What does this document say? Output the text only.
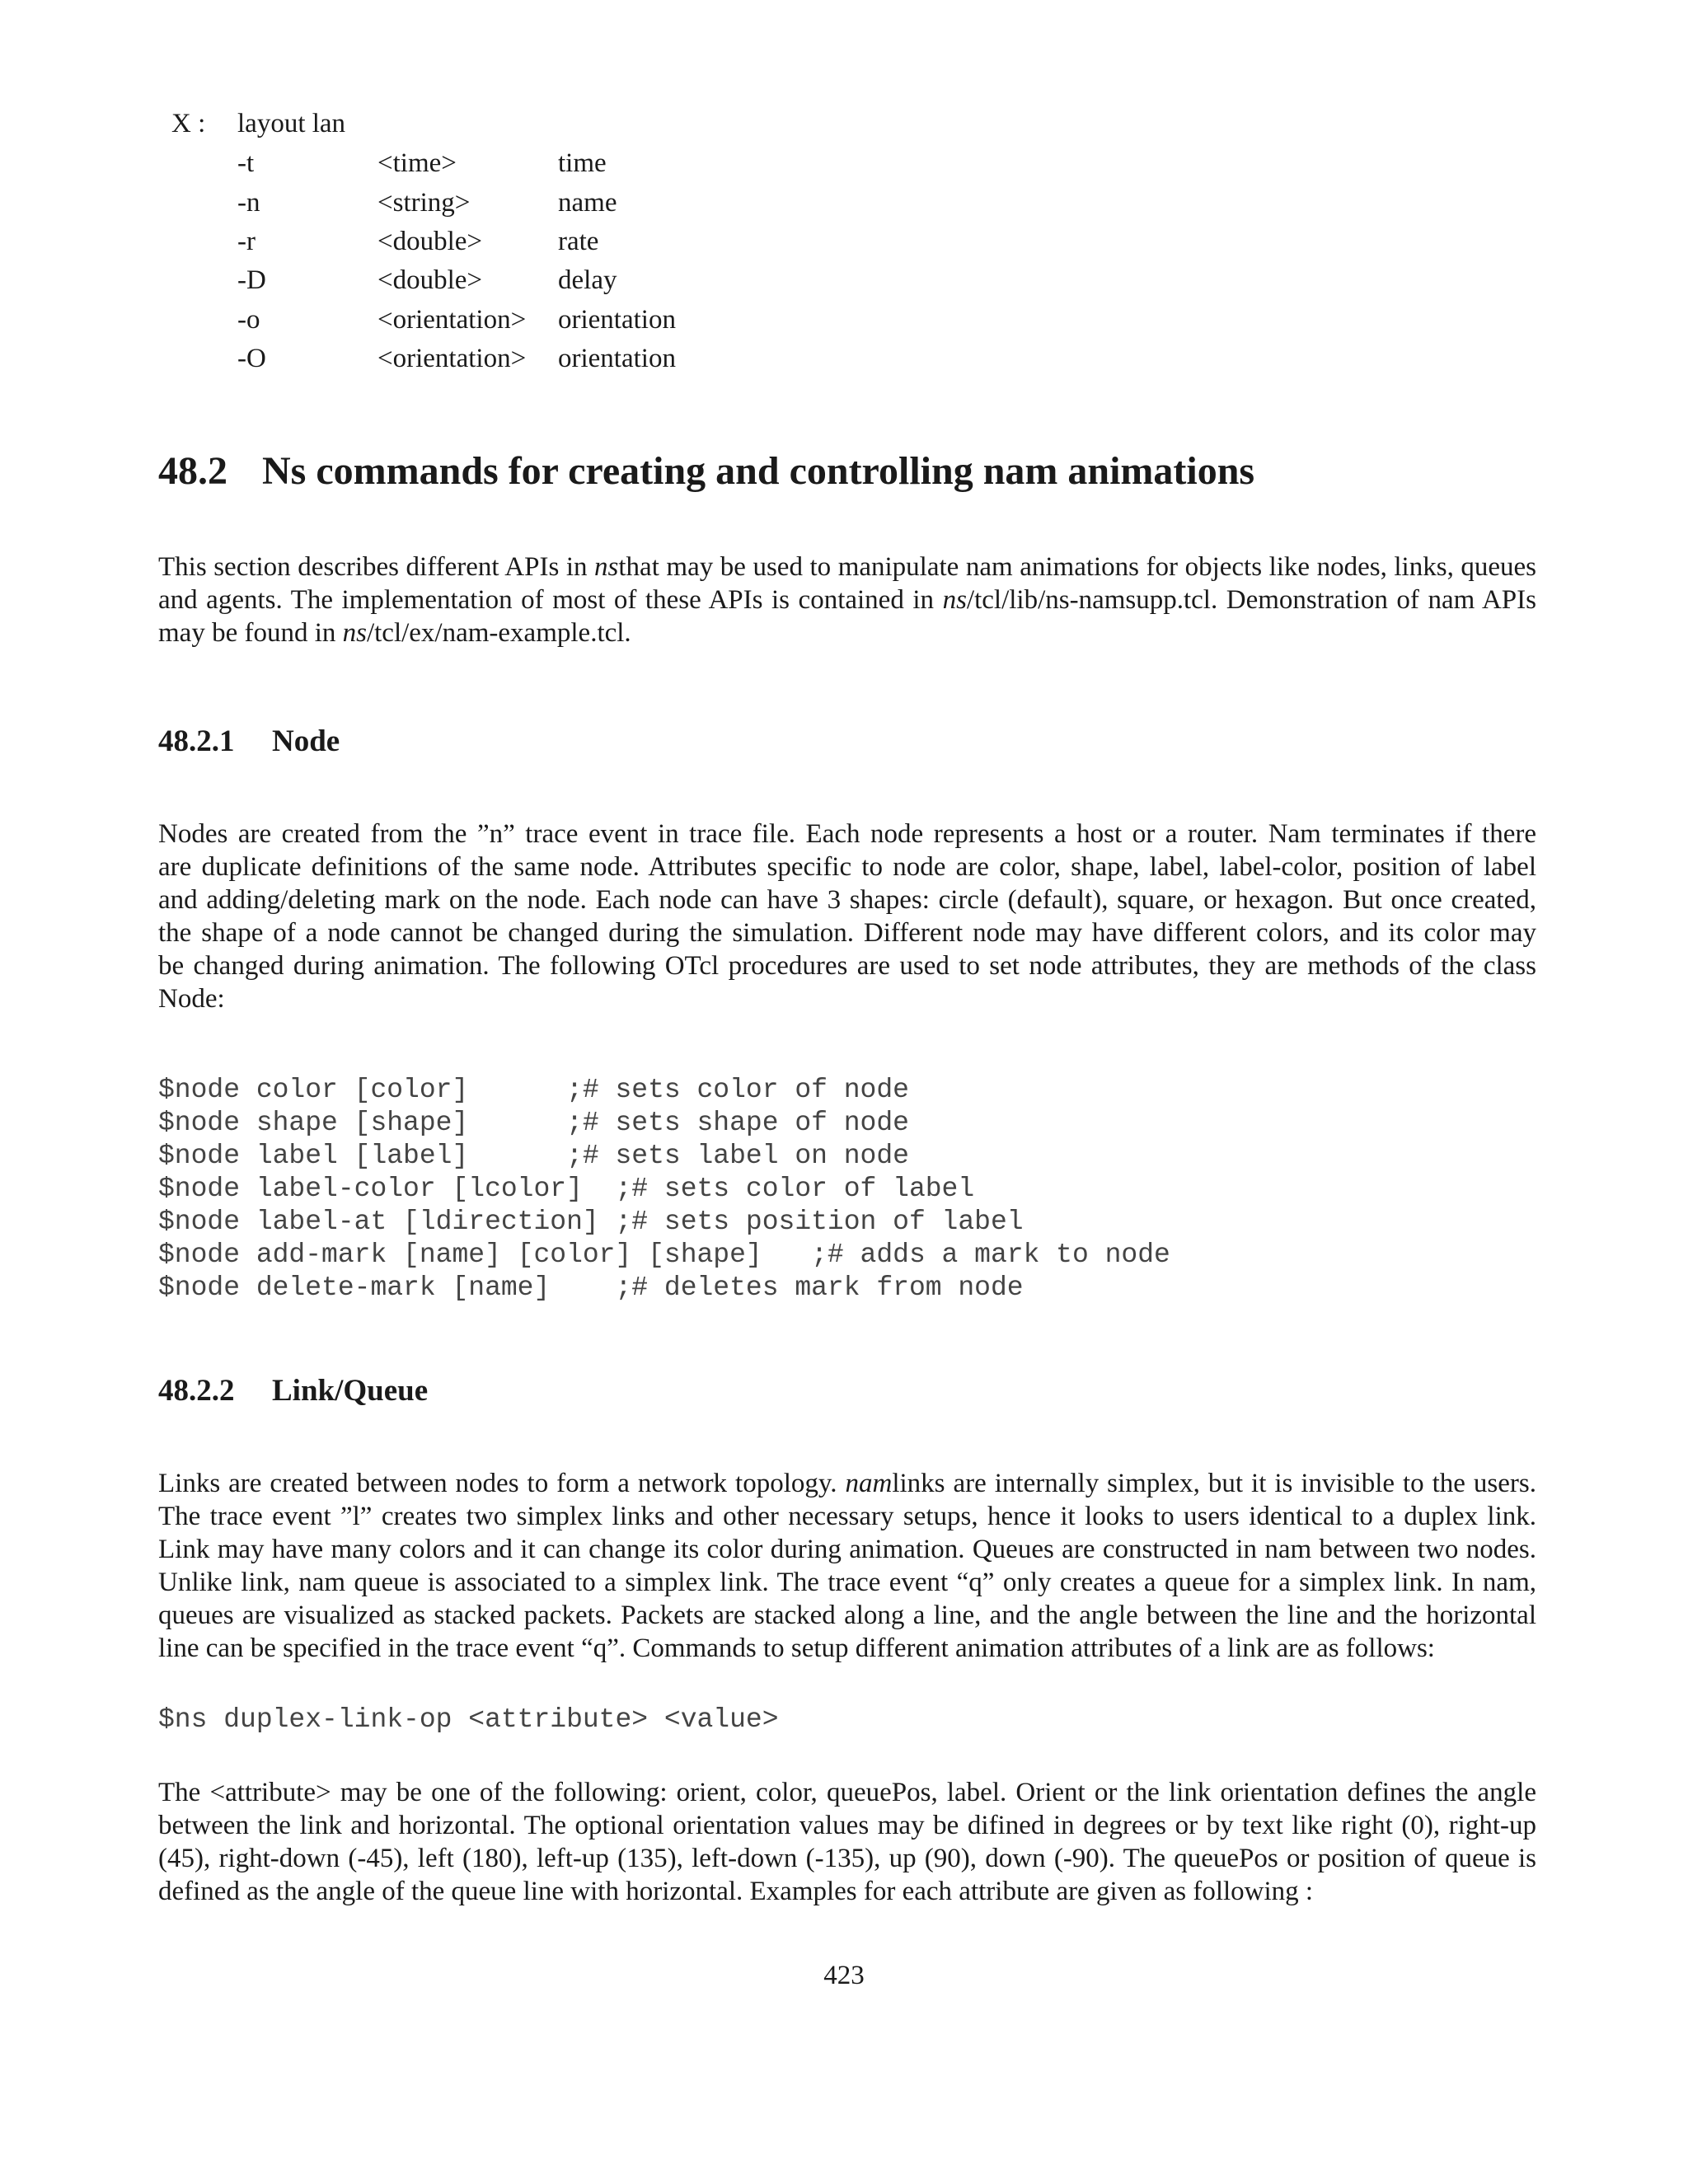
X : layout lan
-t	<time>	time
-n	<string>	name
-r	<double>	rate
-D	<double>	delay
-o	<orientation> orientation
-O	<orientation> orientation
48.2 Ns commands for creating and controlling nam animations
This section describes different APIs in nsthat may be used to manipulate nam animations for objects like nodes, links, queues
and agents. The implementation of most of these APIs is contained in ns/tcl/lib/ns-namsupp.tcl. Demonstration of nam APIs
may be found in ns/tcl/ex/nam-example.tcl.
48.2.1 Node
Nodes are created from the ”n” trace event in trace file. Each node represents a host or a router. Nam terminates if there
are duplicate definitions of the same node. Attributes specific to node are color, shape, label, label-color, position of label
and adding/deleting mark on the node. Each node can have 3 shapes: circle (default), square, or hexagon. But once created,
the shape of a node cannot be changed during the simulation. Different node may have different colors, and its color may
be changed during animation. The following OTcl procedures are used to set node attributes, they are methods of the class
Node:
$node color [color]      ;# sets color of node
$node shape [shape]      ;# sets shape of node
$node label [label]      ;# sets label on node
$node label-color [lcolor]  ;# sets color of label
$node label-at [ldirection] ;# sets position of label
$node add-mark [name] [color] [shape]   ;# adds a mark to node
$node delete-mark [name]    ;# deletes mark from node
48.2.2 Link/Queue
Links are created between nodes to form a network topology. namlinks are internally simplex, but it is invisible to the users.
The trace event ”l” creates two simplex links and other necessary setups, hence it looks to users identical to a duplex link.
Link may have many colors and it can change its color during animation. Queues are constructed in nam between two nodes.
Unlike link, nam queue is associated to a simplex link. The trace event “q” only creates a queue for a simplex link. In nam,
queues are visualized as stacked packets. Packets are stacked along a line, and the angle between the line and the horizontal
line can be specified in the trace event “q”. Commands to setup different animation attributes of a link are as follows:
$ns duplex-link-op <attribute> <value>
The <attribute> may be one of the following: orient, color, queuePos, label. Orient or the link orientation defines the angle
between the link and horizontal. The optional orientation values may be difined in degrees or by text like right (0), right-up
(45), right-down (-45), left (180), left-up (135), left-down (-135), up (90), down (-90). The queuePos or position of queue is
defined as the angle of the queue line with horizontal. Examples for each attribute are given as following :
423
